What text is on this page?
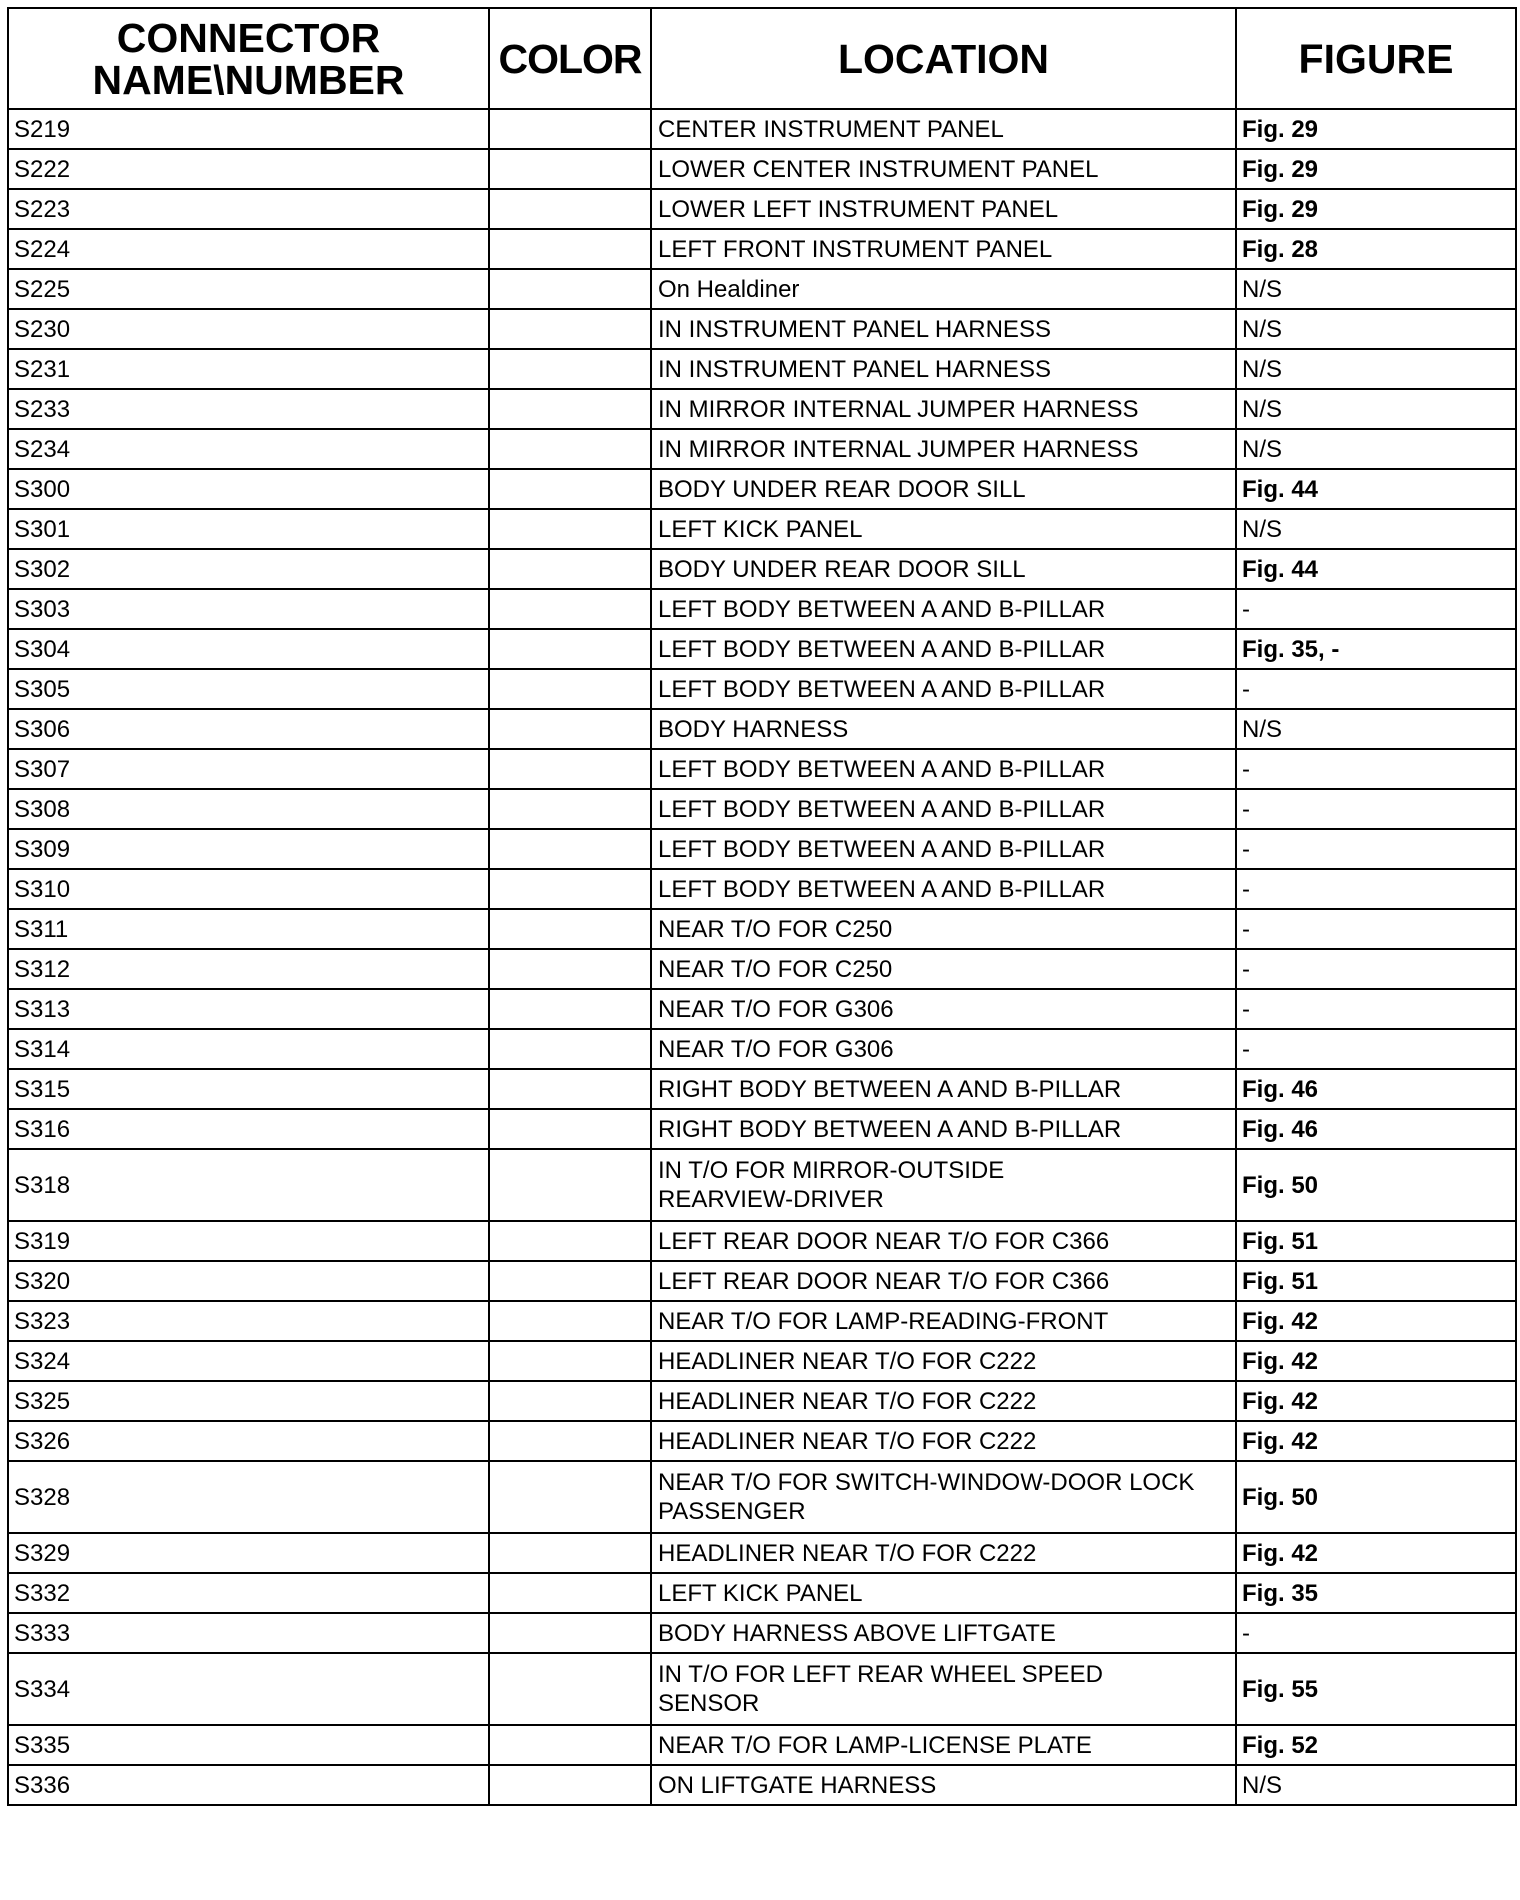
CONNECTOR
NAME\NUMBER	COLOR	LOCATION	FIGURE
S219		CENTER INSTRUMENT PANEL	Fig. 29
S222		LOWER CENTER INSTRUMENT PANEL	Fig. 29
S223		LOWER LEFT INSTRUMENT PANEL	Fig. 29
S224		LEFT FRONT INSTRUMENT PANEL	Fig. 28
S225		On Healdiner	N/S
S230		IN INSTRUMENT PANEL HARNESS	N/S
S231		IN INSTRUMENT PANEL HARNESS	N/S
S233		IN MIRROR INTERNAL JUMPER HARNESS	N/S
S234		IN MIRROR INTERNAL JUMPER HARNESS	N/S
S300		BODY UNDER REAR DOOR SILL	Fig. 44
S301		LEFT KICK PANEL	N/S
S302		BODY UNDER REAR DOOR SILL	Fig. 44
S303		LEFT BODY BETWEEN A AND B-PILLAR	-
S304		LEFT BODY BETWEEN A AND B-PILLAR	Fig. 35, -
S305		LEFT BODY BETWEEN A AND B-PILLAR	-
S306		BODY HARNESS	N/S
S307		LEFT BODY BETWEEN A AND B-PILLAR	-
S308		LEFT BODY BETWEEN A AND B-PILLAR	-
S309		LEFT BODY BETWEEN A AND B-PILLAR	-
S310		LEFT BODY BETWEEN A AND B-PILLAR	-
S311		NEAR T/O FOR C250	-
S312		NEAR T/O FOR C250	-
S313		NEAR T/O FOR G306	-
S314		NEAR T/O FOR G306	-
S315		RIGHT BODY BETWEEN A AND B-PILLAR	Fig. 46
S316		RIGHT BODY BETWEEN A AND B-PILLAR	Fig. 46
S318		IN T/O FOR MIRROR-OUTSIDE
REARVIEW-DRIVER	Fig. 50
S319		LEFT REAR DOOR NEAR T/O FOR C366	Fig. 51
S320		LEFT REAR DOOR NEAR T/O FOR C366	Fig. 51
S323		NEAR T/O FOR LAMP-READING-FRONT	Fig. 42
S324		HEADLINER NEAR T/O FOR C222	Fig. 42
S325		HEADLINER NEAR T/O FOR C222	Fig. 42
S326		HEADLINER NEAR T/O FOR C222	Fig. 42
S328		NEAR T/O FOR SWITCH-WINDOW-DOOR LOCK
PASSENGER	Fig. 50
S329		HEADLINER NEAR T/O FOR C222	Fig. 42
S332		LEFT KICK PANEL	Fig. 35
S333		BODY HARNESS ABOVE LIFTGATE	-
S334		IN T/O FOR LEFT REAR WHEEL SPEED
SENSOR	Fig. 55
S335		NEAR T/O FOR LAMP-LICENSE PLATE	Fig. 52
S336		ON LIFTGATE HARNESS	N/S
